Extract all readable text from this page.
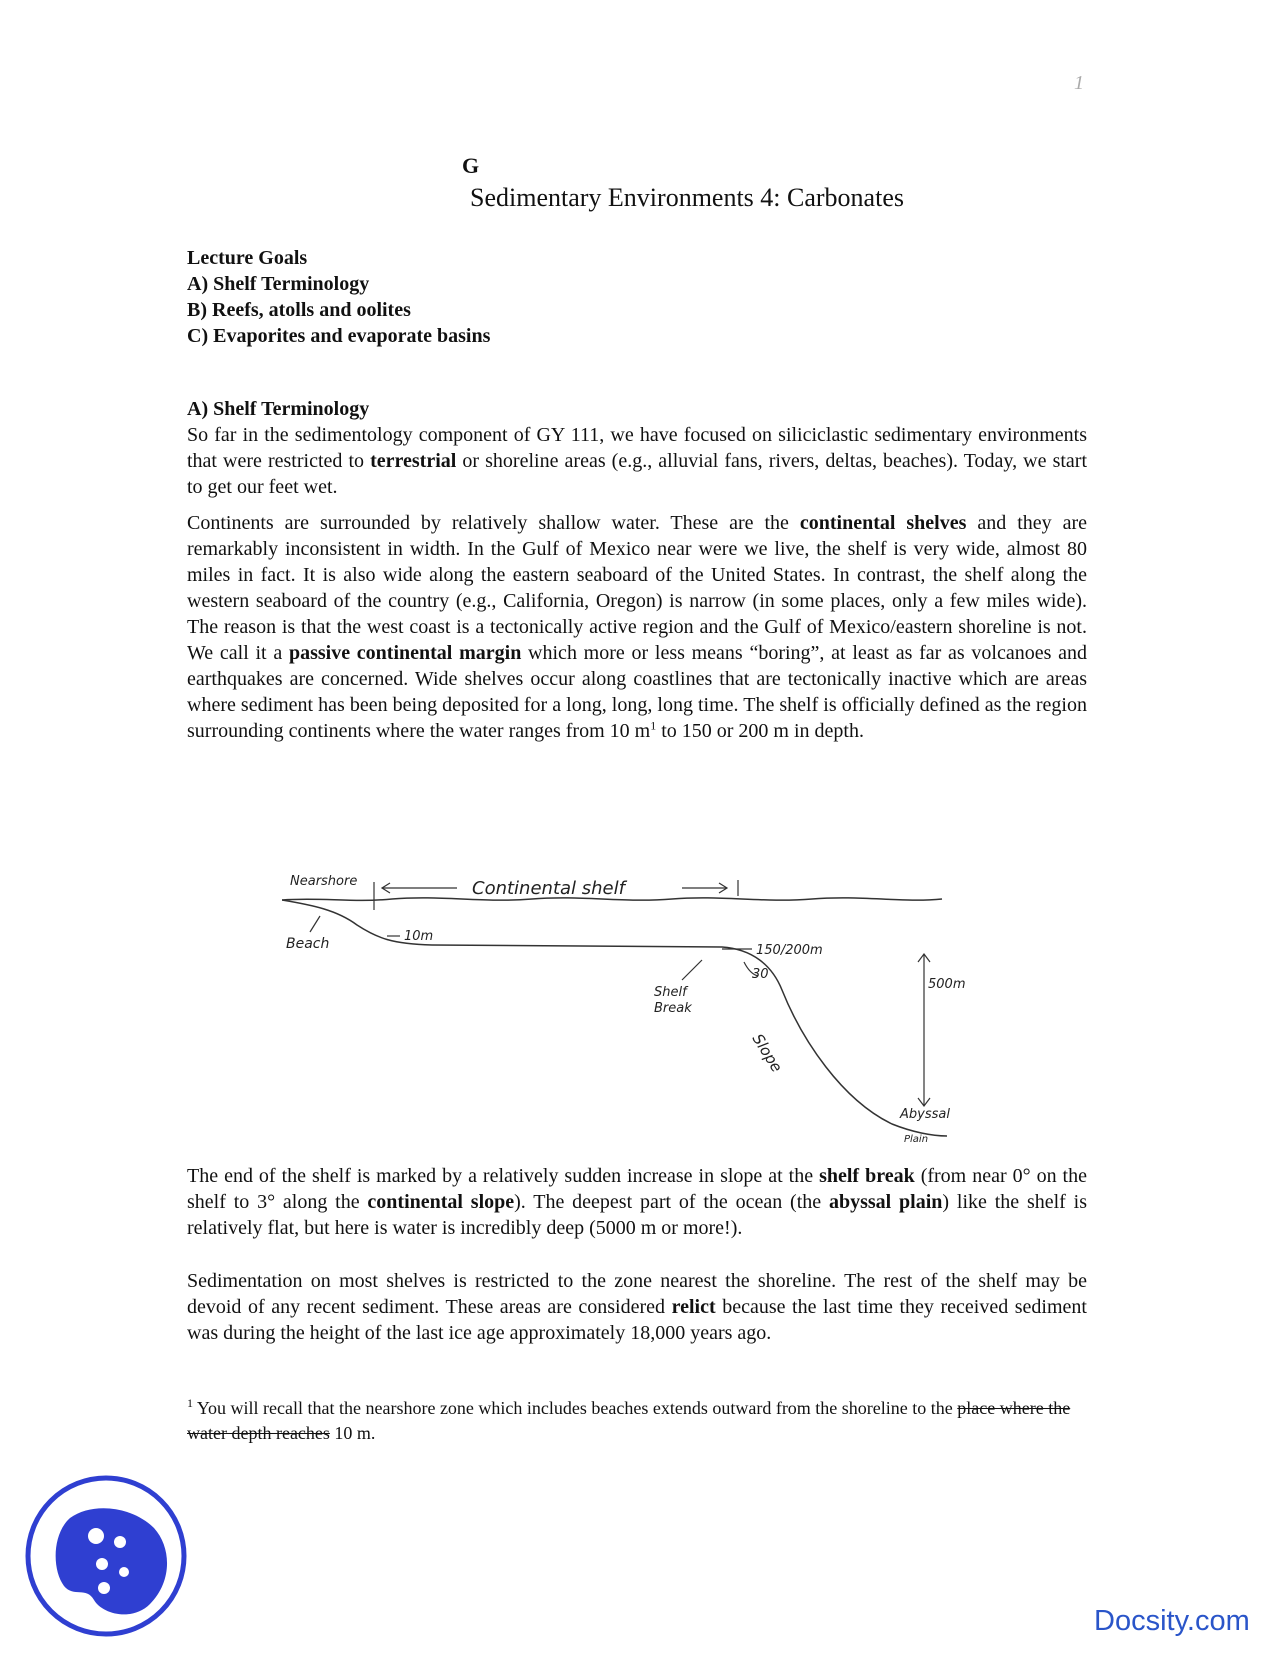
1
G
Sedimentary Environments 4: Carbonates
Lecture Goals
A) Shelf Terminology
B) Reefs, atolls and oolites
C) Evaporites and evaporate basins

A) Shelf Terminology

So far in the sedimentology component of GY 111, we have focused on siliciclastic sedimentary environments that were restricted to terrestrial or shoreline areas (e.g., alluvial fans, rivers, deltas, beaches). Today, we start to get our feet wet.

Continents are surrounded by relatively shallow water. These are the continental shelves and they are remarkably inconsistent in width. In the Gulf of Mexico near were we live, the shelf is very wide, almost 80 miles in fact. It is also wide along the eastern seaboard of the United States. In contrast, the shelf along the western seaboard of the country (e.g., California, Oregon) is narrow (in some places, only a few miles wide). The reason is that the west coast is a tectonically active region and the Gulf of Mexico/eastern shoreline is not. We call it a passive continental margin which more or less means “boring”, at least as far as volcanoes and earthquakes are concerned. Wide shelves occur along coastlines that are tectonically inactive which are areas where sediment has been being deposited for a long, long, long time. The shelf is officially defined as the region surrounding continents where the water ranges from 10 $m^1$ to 150 or 200 m in depth.

Nearshore	Continental shelf
Beach	10m
150/200m
30
Shelf
Break
Slope
500m
Abyssal
Plain

The end of the shelf is marked by a relatively sudden increase in slope at the shelf break (from near 0° on the shelf to 3° along the continental slope). The deepest part of the ocean (the abyssal plain) like the shelf is relatively flat, but here is water is incredibly deep (5000 m or more!).

Sedimentation on most shelves is restricted to the zone nearest the shoreline. The rest of the shelf may be devoid of any recent sediment. These areas are considered relict because the last time they received sediment was during the height of the last ice age approximately 18,000 years ago.

$^1$ You will recall that the nearshore zone which includes beaches extends outward from the shoreline to the place where the water depth reaches 10 m.
Docsity.com
